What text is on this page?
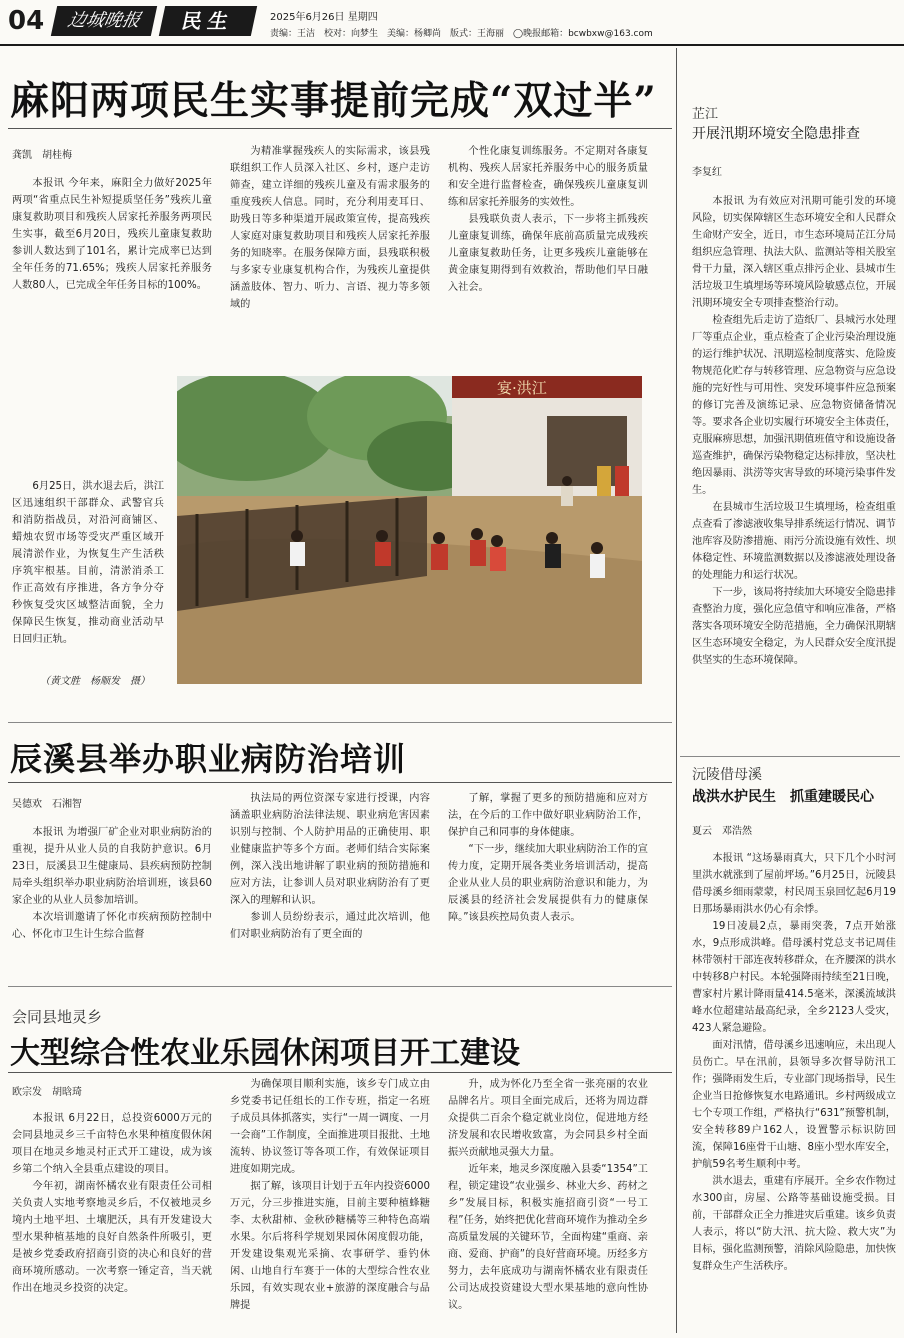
04	边城晚报	民生	2025年6月26日 星期四
责编：王洁　校对：向梦生　美编：杨卿尚　版式：王海丽　◯晚报邮箱：bcwbxw@163.com
麻阳两项民生实事提前完成“双过半”
龚凯　胡桂梅

本报讯 今年来，麻阳全力做好2025年两项“省重点民生补短提质坚任务”残疾儿童康复救助项目和残疾人居家托养服务两项民生实事，截至6月20日，残疾儿童康复救助参训人数达到了101名，累计完成率已达到全年任务的71.65%；残疾人居家托养服务人数80人，已完成全年任务目标的100%。

为精准掌握残疾人的实际需求，该县残联组织工作人员深入社区、乡村，逐户走访筛查，建立详细的残疾儿童及有需求服务的重度残疾人信息。同时，充分利用麦耳日、助残日等多种渠道开展政策宣传，提高残疾人家庭对康复救助项目和残疾人居家托养服务的知晓率。在服务保障方面，县残联积极与多家专业康复机构合作，为残疾儿童提供涵盖肢体、智力、听力、言语、视力等多领域的

个性化康复训练服务。不定期对各康复机构、残疾人居家托养服务中心的服务质量和安全进行监督检查，确保残疾儿童康复训练和居家托养服务的实效性。

县残联负责人表示，下一步将主抓残疾儿童康复训练，确保年底前高质量完成残疾儿童康复救助任务，让更多残疾儿童能够在黄金康复期得到有效救治，帮助他们早日融入社会。

宴·洪江

6月25日，洪水退去后，洪江区迅速组织干部群众、武警官兵和消防指战员，对沿河商铺区、蜡烛农贸市场等受灾严重区域开展清淤作业，为恢复生产生活秩序筑牢根基。目前，清淤消杀工作正高效有序推进，各方争分夺秒恢复受灾区域整洁面貌，全力保障民生恢复，推动商业活动早日回归正轨。

（黄文胜　杨顺发　摄）
辰溪县举办职业病防治培训
吴德欢　石湘智

本报讯 为增强厂矿企业对职业病防治的重视，提升从业人员的自我防护意识。6月23日，辰溪县卫生健康局、县疾病预防控制局牵头组织举办职业病防治培训班，该县60家企业的从业人员参加培训。

本次培训邀请了怀化市疾病预防控制中心、怀化市卫生计生综合监督

执法局的两位资深专家进行授课，内容涵盖职业病防治法律法规、职业病危害因素识别与控制、个人防护用品的正确使用、职业健康监护等多个方面。老师们结合实际案例，深入浅出地讲解了职业病的预防措施和应对方法，让参训人员对职业病防治有了更深入的理解和认识。

参训人员纷纷表示，通过此次培训，他们对职业病防治有了更全面的

了解，掌握了更多的预防措施和应对方法，在今后的工作中做好职业病防治工作，保护自己和同事的身体健康。

“下一步，继续加大职业病防治工作的宣传力度，定期开展各类业务培训活动，提高企业从业人员的职业病防治意识和能力，为辰溪县的经济社会发展提供有力的健康保障。”该县疾控局负责人表示。

会同县地灵乡
大型综合性农业乐园休闲项目开工建设
欧宗发　胡晗琦

本报讯 6月22日，总投资6000万元的会同县地灵乡三千亩特色水果种植度假休闲项目在地灵乡地灵村正式开工建设，成为该乡第二个纳入全县重点建设的项目。

今年初，湖南怀橘农业有限责任公司相关负责人实地考察地灵乡后，不仅被地灵乡境内土地平坦、土壤肥沃，具有开发建设大型水果种植基地的良好自然条件所吸引，更是被乡党委政府招商引资的决心和良好的营商环境所感动。一次考察一锤定音，当天就作出在地灵乡投资的决定。

为确保项目顺利实施，该乡专门成立由乡党委书记任组长的工作专班，指定一名班子成员具体抓落实，实行“一周一调度、一月一会商”工作制度，全面推进项目报批、土地流转、协议签订等各项工作，有效保证项目进度如期完成。

据了解，该项目计划于五年内投资6000万元，分三步推进实施，目前主要种植蜂糖李、太秋甜柿、金秋砂糖橘等三种特色高端水果。尔后将科学规划果园休闲度假功能，开发建设集观光采摘、农事研学、垂钓休闲、山地自行车赛于一体的大型综合性农业乐园，有效实现农业+旅游的深度融合与品牌提

升，成为怀化乃至全省一张亮丽的农业品牌名片。项目全面完成后，还将为周边群众提供二百余个稳定就业岗位，促进地方经济发展和农民增收致富，为会同县乡村全面振兴贡献地灵强大力量。

近年来，地灵乡深度融入县委“1354”工程，锁定建设“农业强乡、林业大乡、药材之乡”发展目标，积极实施招商引资“一号工程”任务，始终把优化营商环境作为推动全乡高质量发展的关键环节，全面构建“重商、亲商、爱商、护商”的良好营商环境。历经多方努力，去年底成功与湖南怀橘农业有限责任公司达成投资建设大型水果基地的意向性协议。

芷江
开展汛期环境安全隐患排查
李复红

本报讯 为有效应对汛期可能引发的环境风险，切实保障辖区生态环境安全和人民群众生命财产安全，近日，市生态环境局芷江分局组织应急管理、执法大队、监测站等相关股室骨干力量，深入辖区重点排污企业、县城市生活垃圾卫生填埋场等环境风险敏感点位，开展汛期环境安全专项排查整治行动。

检查组先后走访了造纸厂、县城污水处理厂等重点企业，重点检查了企业污染治理设施的运行维护状况、汛期巡检制度落实、危险废物规范化贮存与转移管理、应急物资与应急设施的完好性与可用性、突发环境事件应急预案的修订完善及演练记录、应急物资储备情况等。要求各企业切实履行环境安全主体责任，克服麻痹思想，加强汛期值班值守和设施设备巡查维护，确保污染物稳定达标排放，坚决杜绝因暴雨、洪涝等灾害导致的环境污染事件发生。

在县城市生活垃圾卫生填埋场，检查组重点查看了渗滤液收集导排系统运行情况、调节池库容及防渗措施、雨污分流设施有效性、坝体稳定性、环境监测数据以及渗滤液处理设备的处理能力和运行状况。

下一步，该局将持续加大环境安全隐患排查整治力度，强化应急值守和响应准备，严格落实各项环境安全防范措施，全力确保汛期辖区生态环境安全稳定，为人民群众安全度汛提供坚实的生态环境保障。

沅陵借母溪
战洪水护民生　抓重建暖民心
夏云　邓浩然

本报讯 “这场暴雨真大，只下几个小时河里洪水就涨到了屋前坪场。”6月25日，沅陵县借母溪乡细雨蒙蒙，村民周玉泉回忆起6月19日那场暴雨洪水仍心有余悸。

19日凌晨2点，暴雨突袭，7点开始涨水，9点形成洪峰。借母溪村党总支书记周佳林带领村干部连夜转移群众，在齐腰深的洪水中转移8户村民。本轮强降雨持续至21日晚，曹家村片累计降雨量414.5毫米，深溪流域洪峰水位超建站最高纪录，全乡2123人受灾，423人紧急避险。

面对汛情，借母溪乡迅速响应，未出现人员伤亡。早在汛前，县领导多次督导防汛工作；强降雨发生后，专业部门现场指导，民生企业当日抢修恢复水电路通讯。乡村两级成立七个专项工作组，严格执行“631”预警机制，安全转移89户162人，设置警示标识防回流，保障16座骨干山塘、8座小型水库安全，护航59名考生顺利中考。

洪水退去，重建有序展开。全乡农作物过水300亩，房屋、公路等基础设施受损。目前，干部群众正全力推进灾后重建。该乡负责人表示，将以“防大汛、抗大险、救大灾”为目标，强化监测预警，消除风险隐患，加快恢复群众生产生活秩序。
